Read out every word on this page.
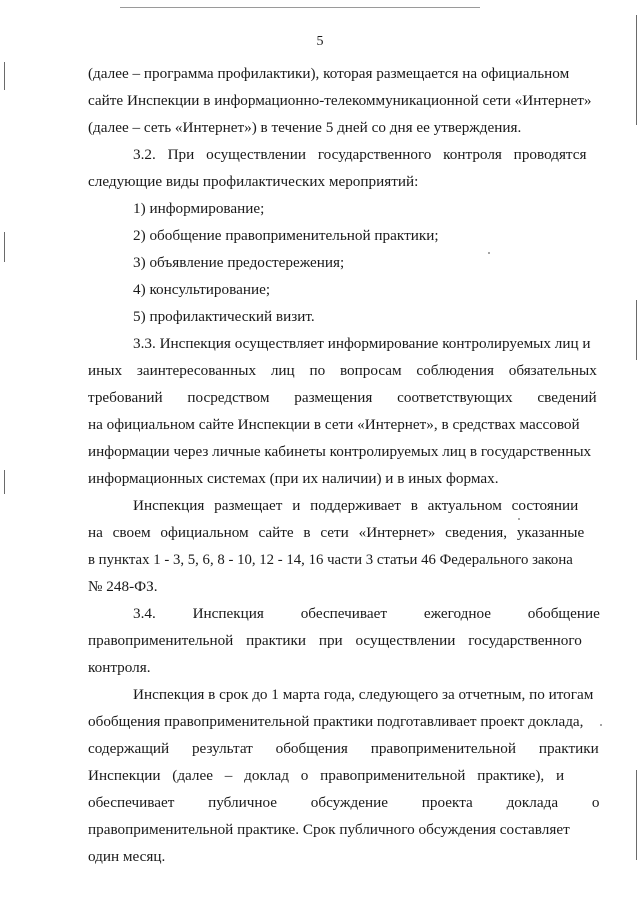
5
(далее – программа профилактики), которая размещается на официальном
сайте Инспекции в информационно-телекоммуникационной сети «Интернет»
(далее – сеть «Интернет») в течение 5 дней со дня ее утверждения.
3.2. При осуществлении государственного контроля проводятся
следующие виды профилактических мероприятий:
1) информирование;
2) обобщение правоприменительной практики;
3) объявление предостережения;
4) консультирование;
5) профилактический визит.
3.3. Инспекция осуществляет информирование контролируемых лиц и
иных заинтересованных лиц по вопросам соблюдения обязательных
требований посредством размещения соответствующих сведений
на официальном сайте Инспекции в сети «Интернет», в средствах массовой
информации через личные кабинеты контролируемых лиц в государственных
информационных системах (при их наличии) и в иных формах.
Инспекция размещает и поддерживает в актуальном состоянии
на своем официальном сайте в сети «Интернет» сведения, указанные
в пунктах 1 - 3, 5, 6, 8 - 10, 12 - 14, 16 части 3 статьи 46 Федерального закона
№ 248-ФЗ.
3.4. Инспекция обеспечивает ежегодное обобщение
правоприменительной практики при осуществлении государственного
контроля.
Инспекция в срок до 1 марта года, следующего за отчетным, по итогам
обобщения правоприменительной практики подготавливает проект доклада,
содержащий результат обобщения правоприменительной практики
Инспекции (далее – доклад о правоприменительной практике), и
обеспечивает публичное обсуждение проекта доклада о
правоприменительной практике. Срок публичного обсуждения составляет
один месяц.
